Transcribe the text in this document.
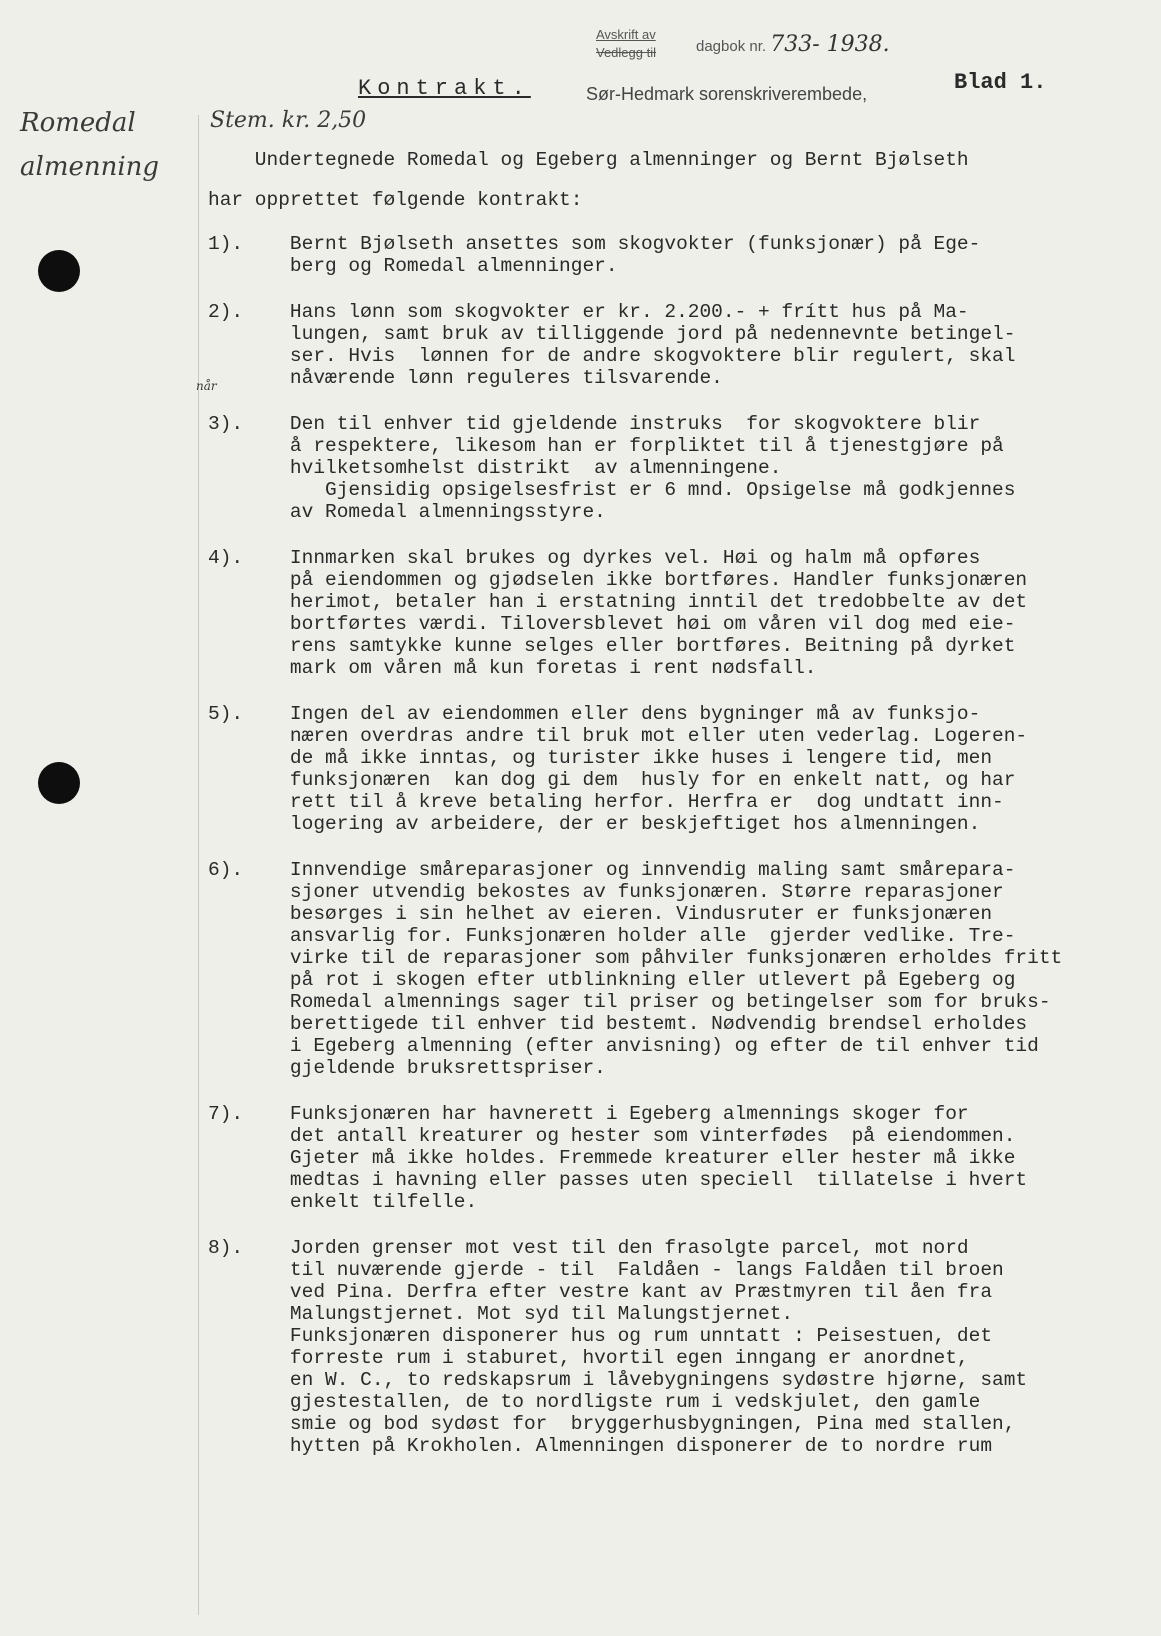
Avskrift av
Vedlegg til	dagbok nr. 733- 1938.
Kontrakt.	Sør-Hedmark sorenskriverembede,	Blad 1.
Stem. kr. 2,50
Romedal
almenning
når
Undertegnede Romedal og Egeberg almenninger og Bernt Bjølseth
har opprettet følgende kontrakt:
1).    Bernt Bjølseth ansettes som skogvokter (funksjonær) på Ege-
berg og Romedal almenninger.
2).    Hans lønn som skogvokter er kr. 2.200.- + frítt hus på Ma-
lungen, samt bruk av tilliggende jord på nedennevnte betingel-
ser. Hvis  lønnen for de andre skogvoktere blir regulert, skal
nåværende lønn reguleres tilsvarende.
3).    Den til enhver tid gjeldende instruks  for skogvoktere blir
å respektere, likesom han er forpliktet til å tjenestgjøre på
hvilketsomhelst distrikt  av almenningene.
Gjensidig opsigelsesfrist er 6 mnd. Opsigelse må godkjennes
av Romedal almenningsstyre.
4).    Innmarken skal brukes og dyrkes vel. Høi og halm må opføres
på eiendommen og gjødselen ikke bortføres. Handler funksjonæren
herimot, betaler han i erstatning inntil det tredobbelte av det
bortførtes værdi. Tiloversblevet høi om våren vil dog med eie-
rens samtykke kunne selges eller bortføres. Beitning på dyrket
mark om våren må kun foretas i rent nødsfall.
5).    Ingen del av eiendommen eller dens bygninger må av funksjo-
næren overdras andre til bruk mot eller uten vederlag. Logeren-
de må ikke inntas, og turister ikke huses i lengere tid, men
funksjonæren  kan dog gi dem  husly for en enkelt natt, og har
rett til å kreve betaling herfor. Herfra er  dog undtatt inn-
logering av arbeidere, der er beskjeftiget hos almenningen.
6).    Innvendige småreparasjoner og innvendig maling samt smårepara-
sjoner utvendig bekostes av funksjonæren. Større reparasjoner
besørges i sin helhet av eieren. Vindusruter er funksjonæren
ansvarlig for. Funksjonæren holder alle  gjerder vedlike. Tre-
virke til de reparasjoner som påhviler funksjonæren erholdes fritt
på rot i skogen efter utblinkning eller utlevert på Egeberg og
Romedal almennings sager til priser og betingelser som for bruks-
berettigede til enhver tid bestemt. Nødvendig brendsel erholdes
i Egeberg almenning (efter anvisning) og efter de til enhver tid
gjeldende bruksrettspriser.
7).    Funksjonæren har havnerett i Egeberg almennings skoger for
det antall kreaturer og hester som vinterfødes  på eiendommen.
Gjeter må ikke holdes. Fremmede kreaturer eller hester må ikke
medtas i havning eller passes uten speciell  tillatelse i hvert
enkelt tilfelle.
8).    Jorden grenser mot vest til den frasolgte parcel, mot nord
til nuværende gjerde - til  Faldåen - langs Faldåen til broen
ved Pina. Derfra efter vestre kant av Præstmyren til åen fra
Malungstjernet. Mot syd til Malungstjernet.
Funksjonæren disponerer hus og rum unntatt : Peisestuen, det
forreste rum i staburet, hvortil egen inngang er anordnet,
en W. C., to redskapsrum i låvebygningens sydøstre hjørne, samt
gjestestallen, de to nordligste rum i vedskjulet, den gamle
smie og bod sydøst for  bryggerhusbygningen, Pina med stallen,
hytten på Krokholen. Almenningen disponerer de to nordre rum
